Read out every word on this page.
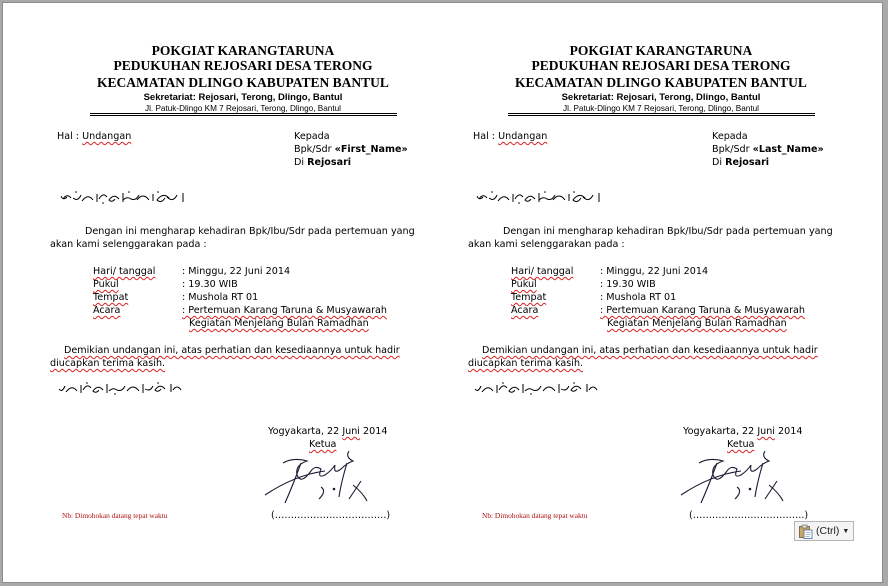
POKGIAT KARANGTARUNA
PEDUKUHAN REJOSARI DESA TERONG
KECAMATAN DLINGO KABUPATEN BANTUL
Sekretariat: Rejosari, Terong, Dlingo, Bantul
Jl. Patuk-Dlingo KM 7 Rejosari, Terong, Dlingo, Bantul
Hal : Undangan	Kepada
Bpk/Sdr «First_Name»
Di Rejosari
Dengan ini mengharap kehadiran Bpk/Ibu/Sdr pada pertemuan yang
akan kami selenggarakan pada :
Hari/ tanggal	: Minggu, 22 Juni 2014
Pukul	: 19.30 WIB
Tempat	: Mushola RT 01
Acara	: Pertemuan Karang Taruna & Musyawarah
Kegiatan Menjelang Bulan Ramadhan
Demikian undangan ini, atas perhatian dan kesediaannya untuk hadir
diucapkan terima kasih.
Yogyakarta, 22 Juni 2014
Ketua
Nb: Dimohokan datang tepat waktu	(……………………………..)
POKGIAT KARANGTARUNA
PEDUKUHAN REJOSARI DESA TERONG
KECAMATAN DLINGO KABUPATEN BANTUL
Sekretariat: Rejosari, Terong, Dlingo, Bantul
Jl. Patuk-Dlingo KM 7 Rejosari, Terong, Dlingo, Bantul
Hal : Undangan	Kepada
Bpk/Sdr «Last_Name»
Di Rejosari
Dengan ini mengharap kehadiran Bpk/Ibu/Sdr pada pertemuan yang
akan kami selenggarakan pada :
Hari/ tanggal	: Minggu, 22 Juni 2014
Pukul	: 19.30 WIB
Tempat	: Mushola RT 01
Acara	: Pertemuan Karang Taruna & Musyawarah
Kegiatan Menjelang Bulan Ramadhan
Demikian undangan ini, atas perhatian dan kesediaannya untuk hadir
diucapkan terima kasih.
Yogyakarta, 22 Juni 2014
Ketua
Nb: Dimohokan datang tepat waktu	(……………………………..)
(Ctrl) ▼
